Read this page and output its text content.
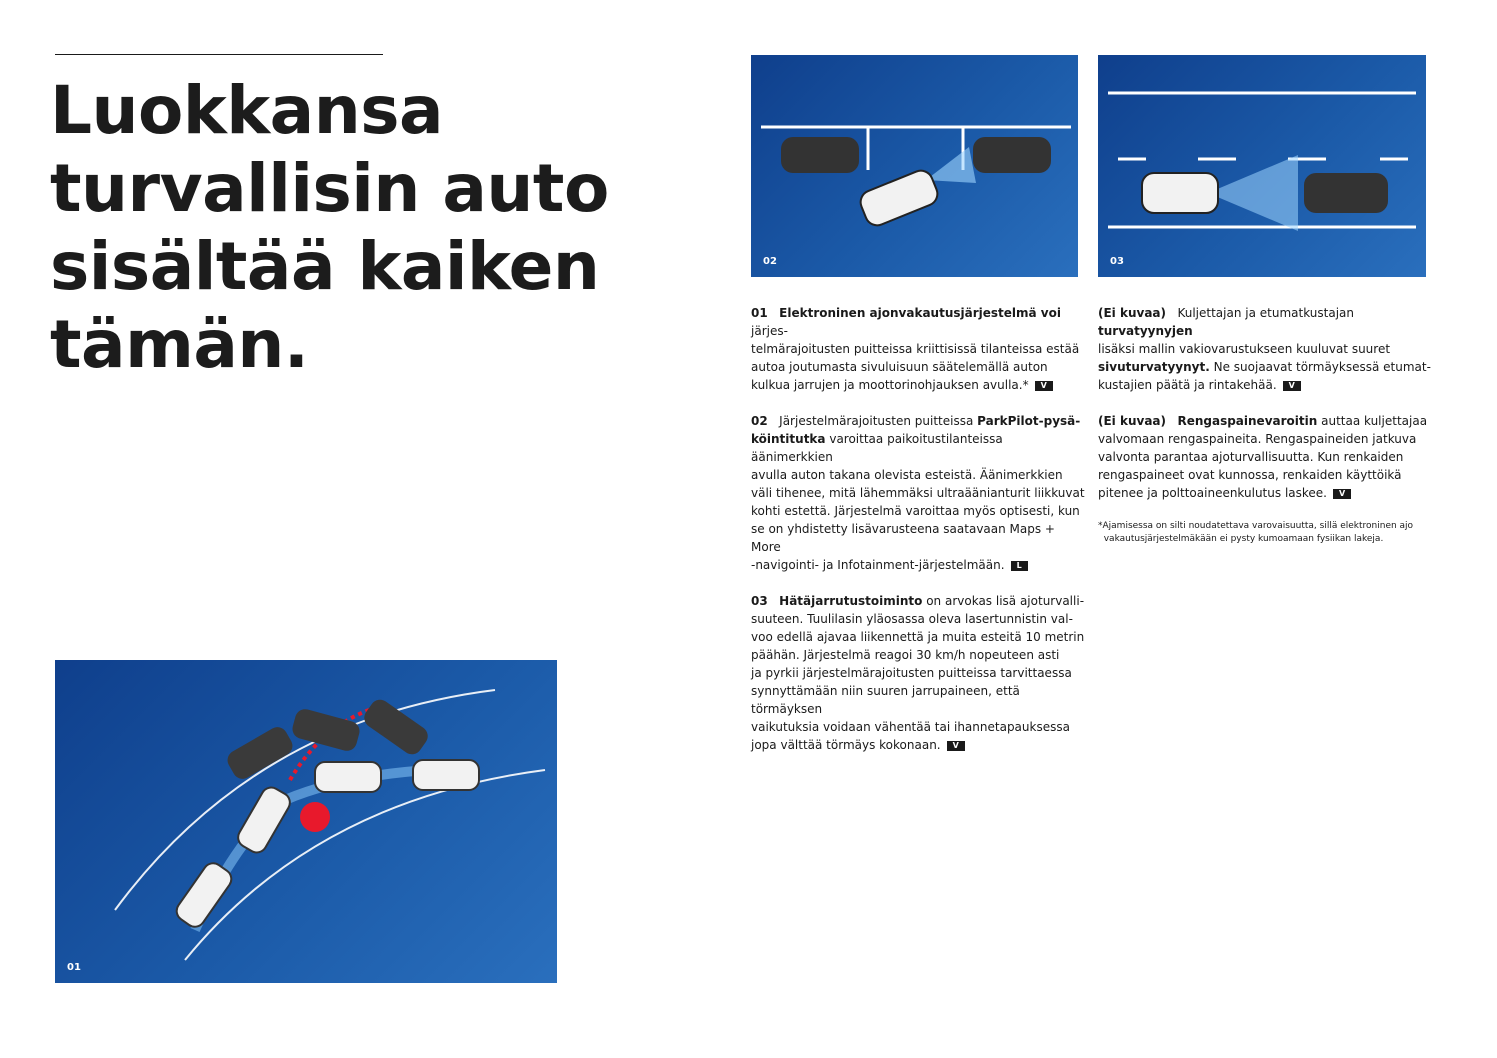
Luokkansa
turvallisin auto
sisältää kaiken
tämän.
01
02	03

01 Elektroninen ajonvakautusjärjestelmä voi järjes-
telmärajoitusten puitteissa kriittisissä tilanteissa estää
autoa joutumasta sivuluisuun säätelemällä auton
kulkua jarrujen ja moottorinohjauksen avulla.* V

02 Järjestelmärajoitusten puitteissa ParkPilot-pysä-
köintitutka varoittaa paikoitustilanteissa äänimerkkien
avulla auton takana olevista esteistä. Äänimerkkien
väli tihenee, mitä lähemmäksi ultraäänianturit liikkuvat
kohti estettä. Järjestelmä varoittaa myös optisesti, kun
se on yhdistetty lisävarusteena saatavaan Maps + More
-navigointi- ja Infotainment-järjestelmään. L

03 Hätäjarrutustoiminto on arvokas lisä ajoturvalli-
suuteen. Tuulilasin yläosassa oleva lasertunnistin val-
voo edellä ajavaa liikennettä ja muita esteitä 10 metrin
päähän. Järjestelmä reagoi 30 km/h nopeuteen asti
ja pyrkii järjestelmärajoitusten puitteissa tarvittaessa
synnyttämään niin suuren jarrupaineen, että törmäyksen
vaikutuksia voidaan vähentää tai ihannetapauksessa
jopa välttää törmäys kokonaan. V

(Ei kuvaa) Kuljettajan ja etumatkustajan turvatyynyjen
lisäksi mallin vakiovarustukseen kuuluvat suuret
sivuturvatyynyt. Ne suojaavat törmäyksessä etumat-
kustajien päätä ja rintakehää. V

(Ei kuvaa) Rengaspainevaroitin auttaa kuljettajaa
valvomaan rengaspaineita. Rengaspaineiden jatkuva
valvonta parantaa ajoturvallisuutta. Kun renkaiden
rengaspaineet ovat kunnossa, renkaiden käyttöikä
pitenee ja polttoaineenkulutus laskee. V

*Ajamisessa on silti noudatettava varovaisuutta, sillä elektroninen ajo
vakautusjärjestelmäkään ei pysty kumoamaan fysiikan lakeja.
